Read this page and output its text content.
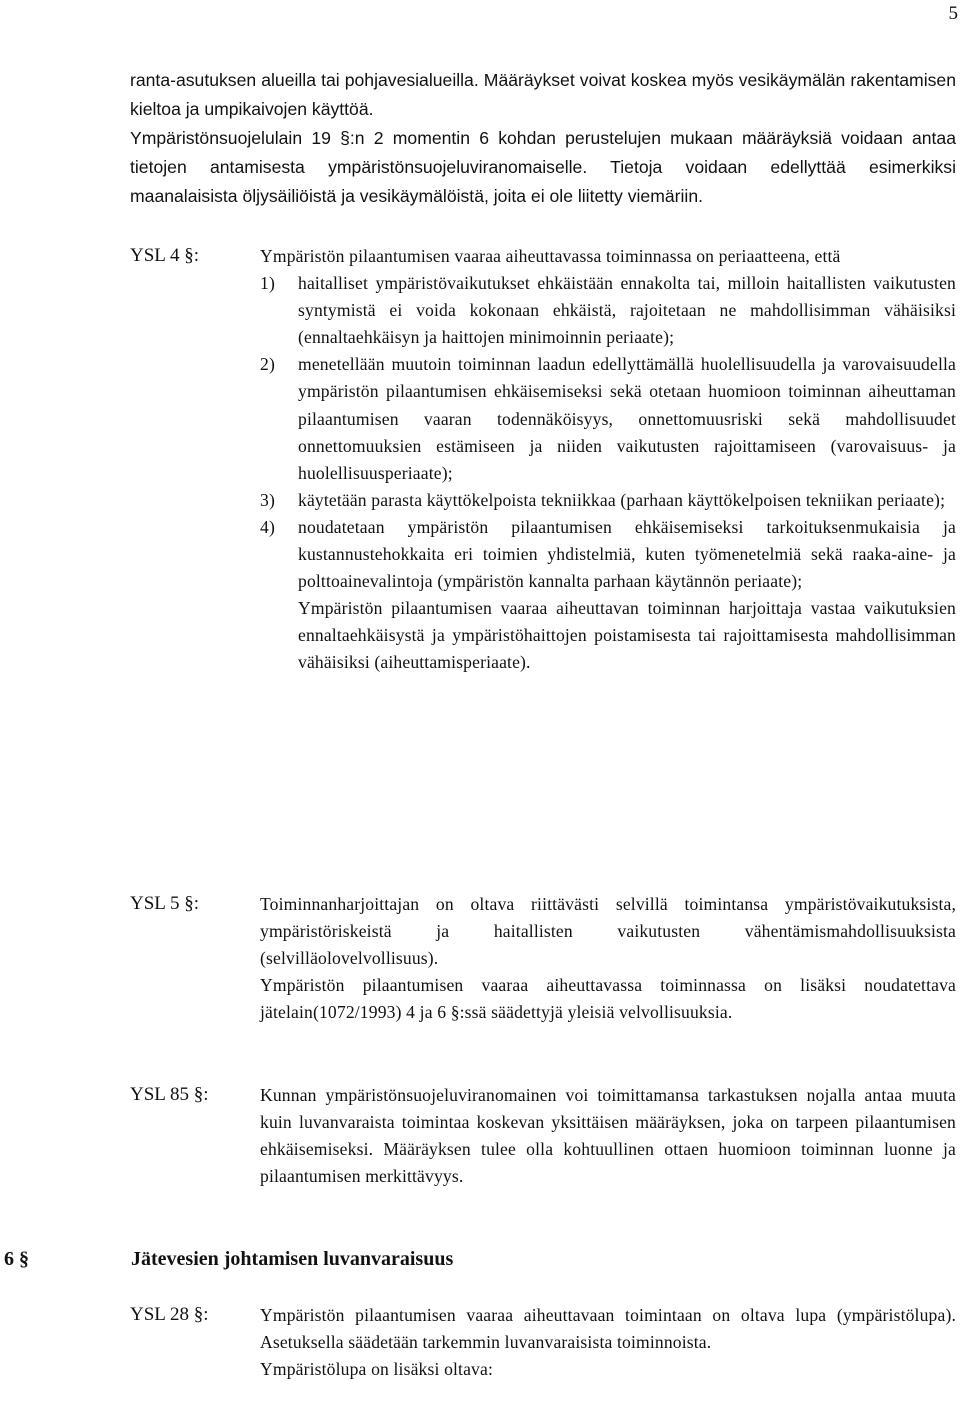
5

ranta-asutuksen alueilla tai pohjavesialueilla. Määräykset voivat koskea myös vesikäymälän rakentamisen kieltoa ja umpikaivojen käyttöä.

Ympäristönsuojelulain 19 §:n 2 momentin 6 kohdan perustelujen mukaan määräyksiä voidaan antaa tietojen antamisesta ympäristönsuojeluviranomaiselle. Tietoja voidaan edellyttää esimerkiksi maanalaisista öljysäiliöistä ja vesikäymälöistä, joita ei ole liitetty viemäriin.

YSL 4 §:	Ympäristön pilaantumisen vaaraa aiheuttavassa toiminnassa on periaatteena, että

1)	haitalliset ympäristövaikutukset ehkäistään ennakolta tai, milloin haitallisten vaikutusten syntymistä ei voida kokonaan ehkäistä, rajoitetaan ne mahdollisimman vähäisiksi (ennaltaehkäisyn ja haittojen minimoinnin periaate);
2)	menetellään muutoin toiminnan laadun edellyttämällä huolellisuudella ja varovaisuudella ympäristön pilaantumisen ehkäisemiseksi sekä otetaan huomioon toiminnan aiheuttaman pilaantumisen vaaran todennäköisyys, onnettomuusriski sekä mahdollisuudet onnettomuuksien estämiseen ja niiden vaikutusten rajoittamiseen (varovaisuus- ja huolellisuusperiaate);
3)	käytetään parasta käyttökelpoista tekniikkaa (parhaan käyttökelpoisen tekniikan periaate);
4)	noudatetaan ympäristön pilaantumisen ehkäisemiseksi tarkoituksenmukaisia ja kustannustehokkaita eri toimien yhdistelmiä, kuten työmenetelmiä sekä raaka-aine- ja polttoainevalintoja (ympäristön kannalta parhaan käytännön periaate);

Ympäristön pilaantumisen vaaraa aiheuttavan toiminnan harjoittaja vastaa vaikutuksien ennaltaehkäisystä ja ympäristöhaittojen poistamisesta tai rajoittamisesta mahdollisimman vähäisiksi (aiheuttamisperiaate).

YSL 5 §:	Toiminnanharjoittajan on oltava riittävästi selvillä toimintansa ympäristövaikutuksista, ympäristöriskeistä ja haitallisten vaikutusten vähentämismahdollisuuksista (selvilläolovelvollisuus).

Ympäristön pilaantumisen vaaraa aiheuttavassa toiminnassa on lisäksi noudatettava jätelain(1072/1993) 4 ja 6 §:ssä säädettyjä yleisiä velvollisuuksia.

YSL 85 §:	Kunnan ympäristönsuojeluviranomainen voi toimittamansa tarkastuksen nojalla antaa muuta kuin luvanvaraista toimintaa koskevan yksittäisen määräyksen, joka on tarpeen pilaantumisen ehkäisemiseksi. Määräyksen tulee olla kohtuullinen ottaen huomioon toiminnan luonne ja pilaantumisen merkittävyys.

6 §	Jätevesien johtamisen luvanvaraisuus
YSL 28 §:	Ympäristön pilaantumisen vaaraa aiheuttavaan toimintaan on oltava lupa (ympäristölupa). Asetuksella säädetään tarkemmin luvanvaraisista toiminnoista.

Ympäristölupa on lisäksi oltava:
